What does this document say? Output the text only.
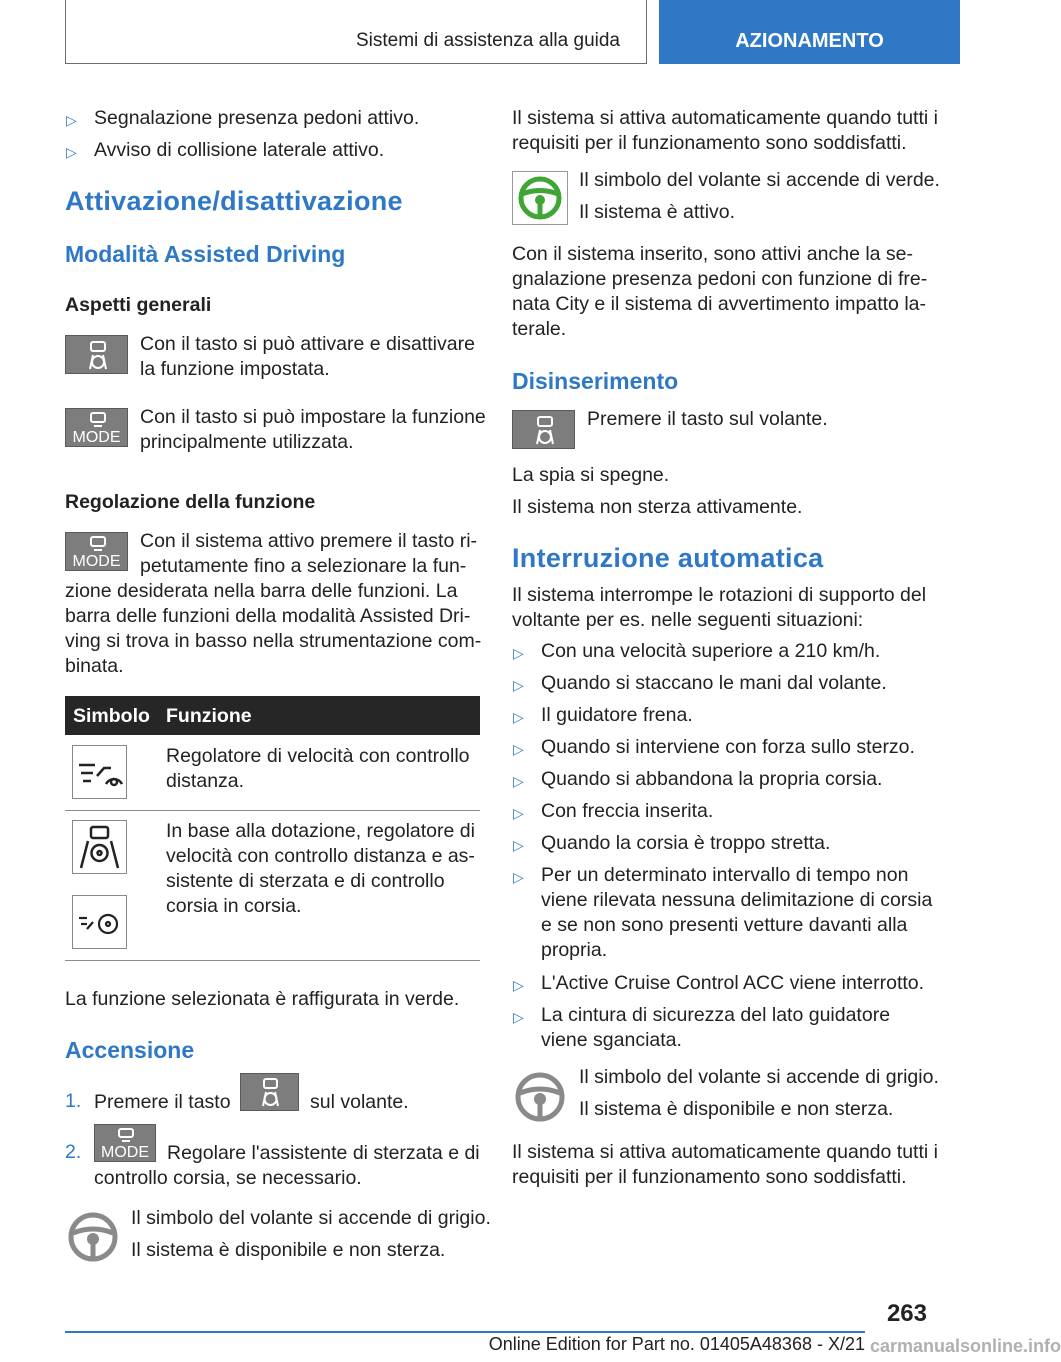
Sistemi di assistenza alla guida	AZIONAMENTO
▷ Segnalazione presenza pedoni attivo.
▷ Avviso di collisione laterale attivo.
Attivazione/disattivazione
Modalità Assisted Driving
Aspetti generali
Con il tasto si può attivare e disattivare
la funzione impostata.
MODE
Con il tasto si può impostare la funzione
principalmente utilizzata.
Regolazione della funzione
MODE
Con il sistema attivo premere il tasto ri-
petutamente fino a selezionare la fun-
zione desiderata nella barra delle funzioni. La
barra delle funzioni della modalità Assisted Dri-
ving si trova in basso nella strumentazione com-
binata.
Simbolo Funzione
Regolatore di velocità con controllo
distanza.
In base alla dotazione, regolatore di
velocità con controllo distanza e as-
sistente di sterzata e di controllo
corsia in corsia.
La funzione selezionata è raffigurata in verde.
Accensione
1. Premere il tasto	sul volante.
2.	MODE Regolare l'assistente di sterzata e di
controllo corsia, se necessario.
Il simbolo del volante si accende di grigio.
Il sistema è disponibile e non sterza.
Il sistema si attiva automaticamente quando tutti i
requisiti per il funzionamento sono soddisfatti.
Il simbolo del volante si accende di verde.
Il sistema è attivo.
Con il sistema inserito, sono attivi anche la se-
gnalazione presenza pedoni con funzione di fre-
nata City e il sistema di avvertimento impatto la-
terale.
Disinserimento
Premere il tasto sul volante.
La spia si spegne.
Il sistema non sterza attivamente.
Interruzione automatica
Il sistema interrompe le rotazioni di supporto del
voltante per es. nelle seguenti situazioni:
▷ Con una velocità superiore a 210 km/h.
▷ Quando si staccano le mani dal volante.
▷ Il guidatore frena.
▷ Quando si interviene con forza sullo sterzo.
▷ Quando si abbandona la propria corsia.
▷ Con freccia inserita.
▷ Quando la corsia è troppo stretta.
▷ Per un determinato intervallo di tempo non
viene rilevata nessuna delimitazione di corsia
e se non sono presenti vetture davanti alla
propria.
▷ L'Active Cruise Control ACC viene interrotto.
▷ La cintura di sicurezza del lato guidatore
viene sganciata.
Il simbolo del volante si accende di grigio.
Il sistema è disponibile e non sterza.
Il sistema si attiva automaticamente quando tutti i
requisiti per il funzionamento sono soddisfatti.
263
Online Edition for Part no. 01405A48368 - X/21 carmanualsonline.info
